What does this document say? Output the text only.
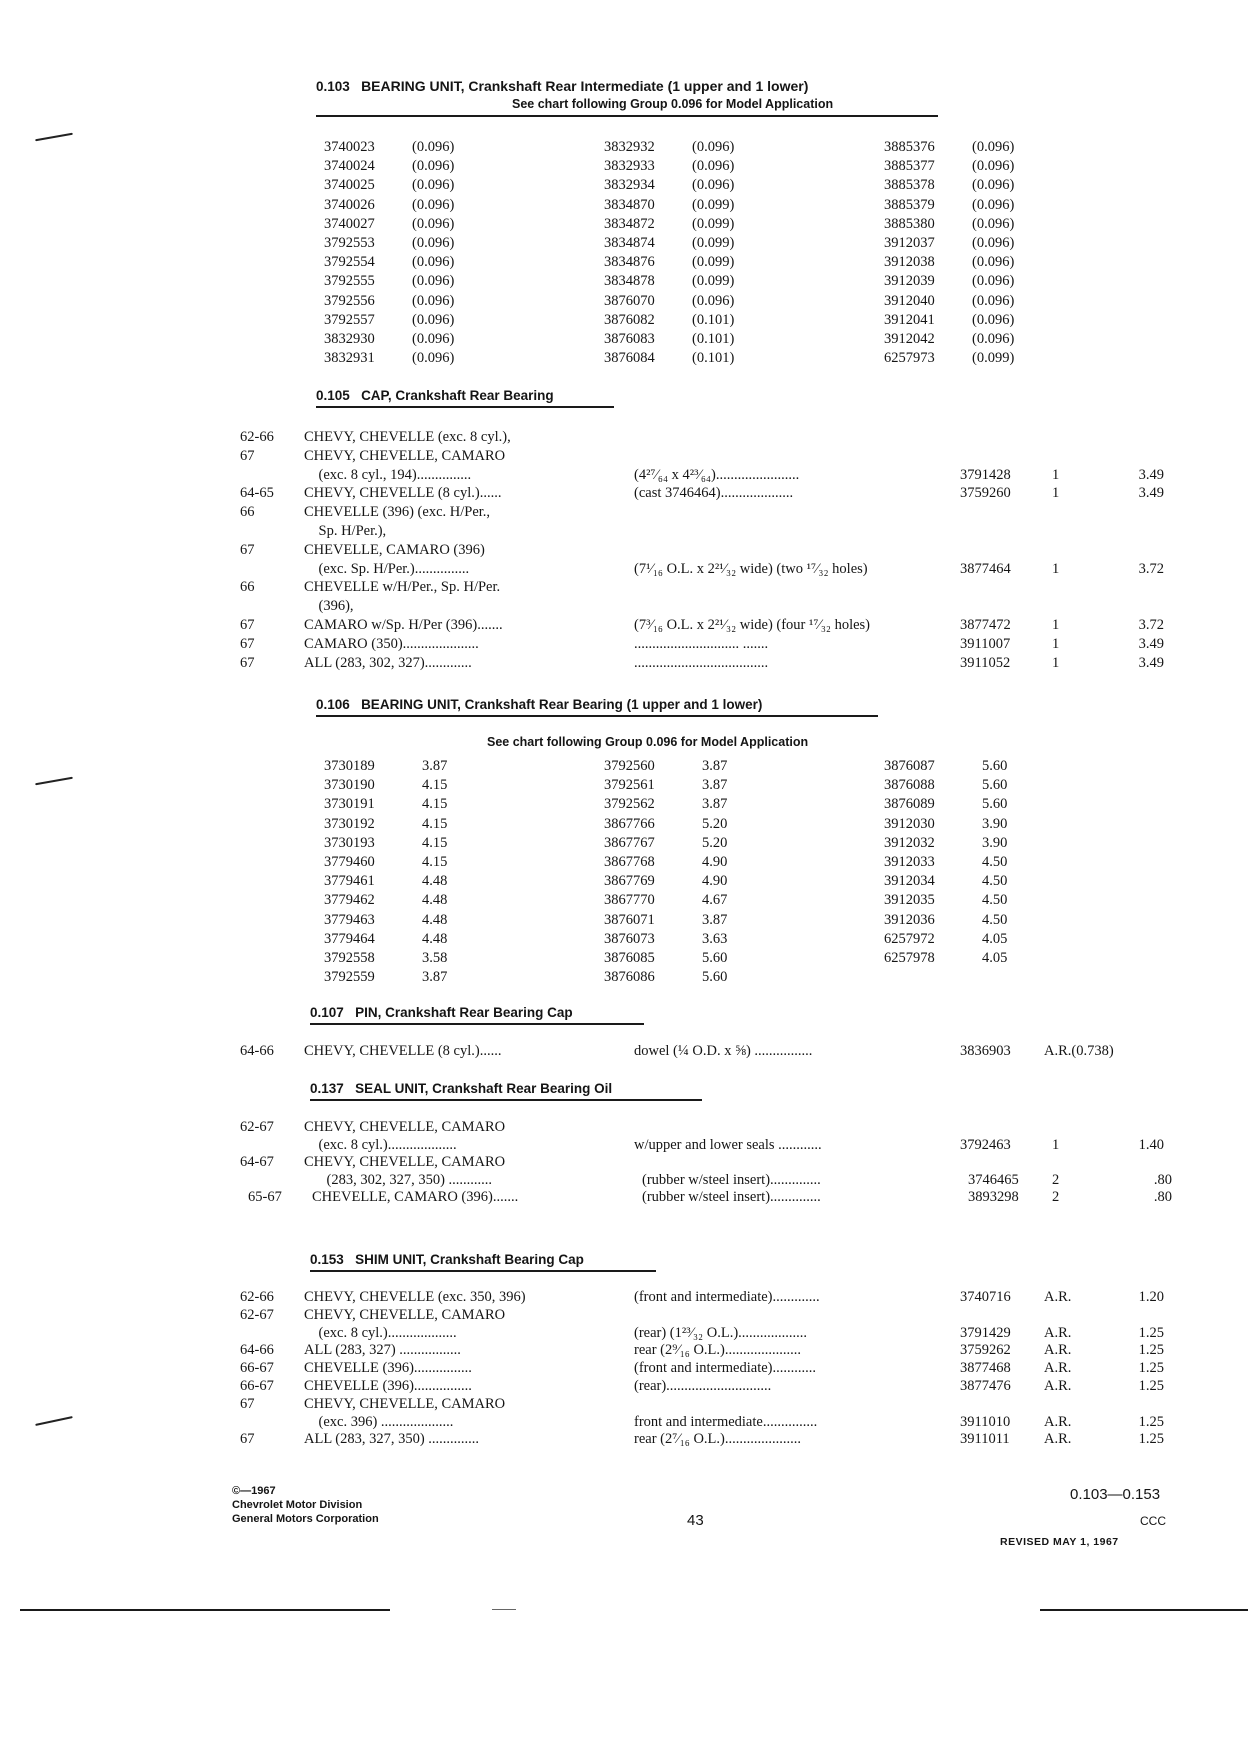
0.103 BEARING UNIT, Crankshaft Rear Intermediate (1 upper and 1 lower)
See chart following Group 0.096 for Model Application
3740023	(0.096)	3832932	(0.096)	3885376	(0.096)
3740024	(0.096)	3832933	(0.096)	3885377	(0.096)
3740025	(0.096)	3832934	(0.096)	3885378	(0.096)
3740026	(0.096)	3834870	(0.099)	3885379	(0.096)
3740027	(0.096)	3834872	(0.099)	3885380	(0.096)
3792553	(0.096)	3834874	(0.099)	3912037	(0.096)
3792554	(0.096)	3834876	(0.099)	3912038	(0.096)
3792555	(0.096)	3834878	(0.099)	3912039	(0.096)
3792556	(0.096)	3876070	(0.096)	3912040	(0.096)
3792557	(0.096)	3876082	(0.101)	3912041	(0.096)
3832930	(0.096)	3876083	(0.101)	3912042	(0.096)
3832931	(0.096)	3876084	(0.101)	6257973	(0.099)
0.105 CAP, Crankshaft Rear Bearing
62-66 CHEVY, CHEVELLE (exc. 8 cyl.),
67	CHEVY, CHEVELLE, CAMARO
(exc. 8 cyl., 194)...............	(4²⁷⁄₆₄ x 4²³⁄₆₄).......................	3791428	1	3.49
64-65 CHEVY, CHEVELLE (8 cyl.)......	(cast 3746464)....................	3759260	1	3.49
66	CHEVELLE (396) (exc. H/Per.,
Sp. H/Per.),
67	CHEVELLE, CAMARO (396)
(exc. Sp. H/Per.)...............	(7¹⁄₁₆ O.L. x 2²¹⁄₃₂ wide) (two ¹⁷⁄₃₂ holes)	3877464	1	3.72
66	CHEVELLE w/H/Per., Sp. H/Per.
(396),
67	CAMARO w/Sp. H/Per (396).......	(7³⁄₁₆ O.L. x 2²¹⁄₃₂ wide) (four ¹⁷⁄₃₂ holes)	3877472	1	3.72
67	CAMARO (350).....................	............................. .......	3911007	1	3.49
67	ALL (283, 302, 327).............	.....................................	3911052	1	3.49
0.106 BEARING UNIT, Crankshaft Rear Bearing (1 upper and 1 lower)
See chart following Group 0.096 for Model Application
3730189	3.87	3792560	3.87	3876087	5.60
3730190	4.15	3792561	3.87	3876088	5.60
3730191	4.15	3792562	3.87	3876089	5.60
3730192	4.15	3867766	5.20	3912030	3.90
3730193	4.15	3867767	5.20	3912032	3.90
3779460	4.15	3867768	4.90	3912033	4.50
3779461	4.48	3867769	4.90	3912034	4.50
3779462	4.48	3867770	4.67	3912035	4.50
3779463	4.48	3876071	3.87	3912036	4.50
3779464	4.48	3876073	3.63	6257972	4.05
3792558	3.58	3876085	5.60	6257978	4.05
3792559	3.87	3876086	5.60
0.107 PIN, Crankshaft Rear Bearing Cap
64-66 CHEVY, CHEVELLE (8 cyl.)......	dowel (¼ O.D. x ⅝) ................	3836903 A.R.(0.738)
0.137 SEAL UNIT, Crankshaft Rear Bearing Oil
62-67 CHEVY, CHEVELLE, CAMARO
(exc. 8 cyl.)...................	w/upper and lower seals ............	3792463	1	1.40
64-67 CHEVY, CHEVELLE, CAMARO
(283, 302, 327, 350) ............	(rubber w/steel insert)..............	3746465 2	.80
65-67 CHEVELLE, CAMARO (396).......	(rubber w/steel insert)..............	3893298 2	.80
0.153 SHIM UNIT, Crankshaft Bearing Cap
62-66 CHEVY, CHEVELLE (exc. 350, 396)	(front and intermediate).............	3740716 A.R.	1.20
62-67 CHEVY, CHEVELLE, CAMARO
(exc. 8 cyl.)...................	(rear) (1²³⁄₃₂ O.L.)...................	3791429 A.R.	1.25
64-66 ALL (283, 327) .................	rear (2⁹⁄₁₆ O.L.).....................	3759262 A.R.	1.25
66-67 CHEVELLE (396)................	(front and intermediate)............	3877468 A.R.	1.25
66-67 CHEVELLE (396)................	(rear).............................	3877476 A.R.	1.25
67	CHEVY, CHEVELLE, CAMARO
(exc. 396) ....................	front and intermediate...............	3911010 A.R.	1.25
67	ALL (283, 327, 350) ..............	rear (2⁷⁄₁₆ O.L.).....................	3911011 A.R.	1.25
©—1967
Chevrolet Motor Division
General Motors Corporation	43
0.103—0.153
CCC
REVISED MAY 1, 1967
